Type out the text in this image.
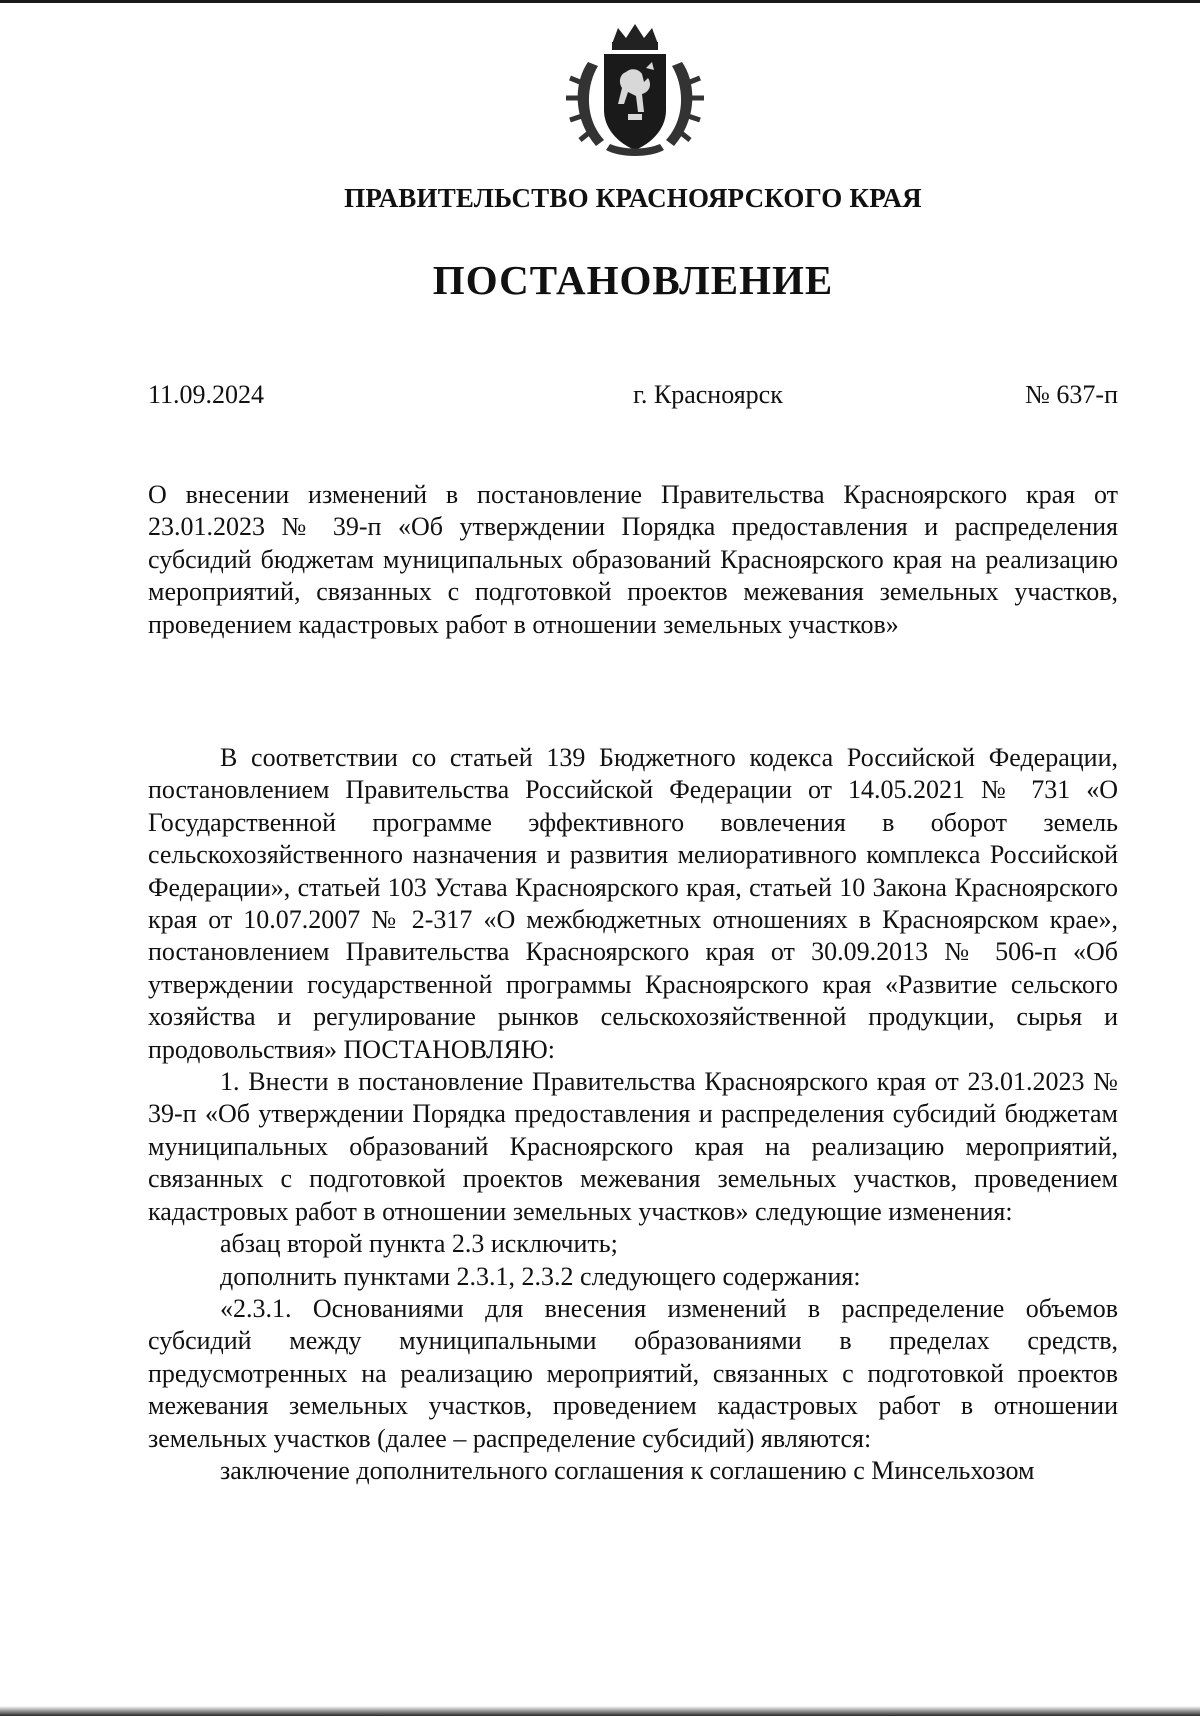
ПРАВИТЕЛЬСТВО КРАСНОЯРСКОГО КРАЯ
ПОСТАНОВЛЕНИЕ
11.09.2024	г. Красноярск	№ 637-п

О внесении изменений в постановление Правительства Красноярского края от 23.01.2023 № 39-п «Об утверждении Порядка предоставления и распределения субсидий бюджетам муниципальных образований Красноярского края на реализацию мероприятий, связанных с подготовкой проектов межевания земельных участков, проведением кадастровых работ в отношении земельных участков»

В соответствии со статьей 139 Бюджетного кодекса Российской Федерации, постановлением Правительства Российской Федерации от 14.05.2021 № 731 «О Государственной программе эффективного вовлечения в оборот земель сельскохозяйственного назначения и развития мелиоративного комплекса Российской Федерации», статьей 103 Устава Красноярского края, статьей 10 Закона Красноярского края от 10.07.2007 № 2-317 «О межбюджетных отношениях в Красноярском крае», постановлением Правительства Красноярского края от 30.09.2013 № 506-п «Об утверждении государственной программы Красноярского края «Развитие сельского хозяйства и регулирование рынков сельскохозяйственной продукции, сырья и продовольствия» ПОСТАНОВЛЯЮ:

1. Внести в постановление Правительства Красноярского края от 23.01.2023 № 39-п «Об утверждении Порядка предоставления и распределения субсидий бюджетам муниципальных образований Красноярского края на реализацию мероприятий, связанных с подготовкой проектов межевания земельных участков, проведением кадастровых работ в отношении земельных участков» следующие изменения:

абзац второй пункта 2.3 исключить;

дополнить пунктами 2.3.1, 2.3.2 следующего содержания:

«2.3.1. Основаниями для внесения изменений в распределение объемов субсидий между муниципальными образованиями в пределах средств, предусмотренных на реализацию мероприятий, связанных с подготовкой проектов межевания земельных участков, проведением кадастровых работ в отношении земельных участков (далее – распределение субсидий) являются:

заключение дополнительного соглашения к соглашению с Минсельхозом
